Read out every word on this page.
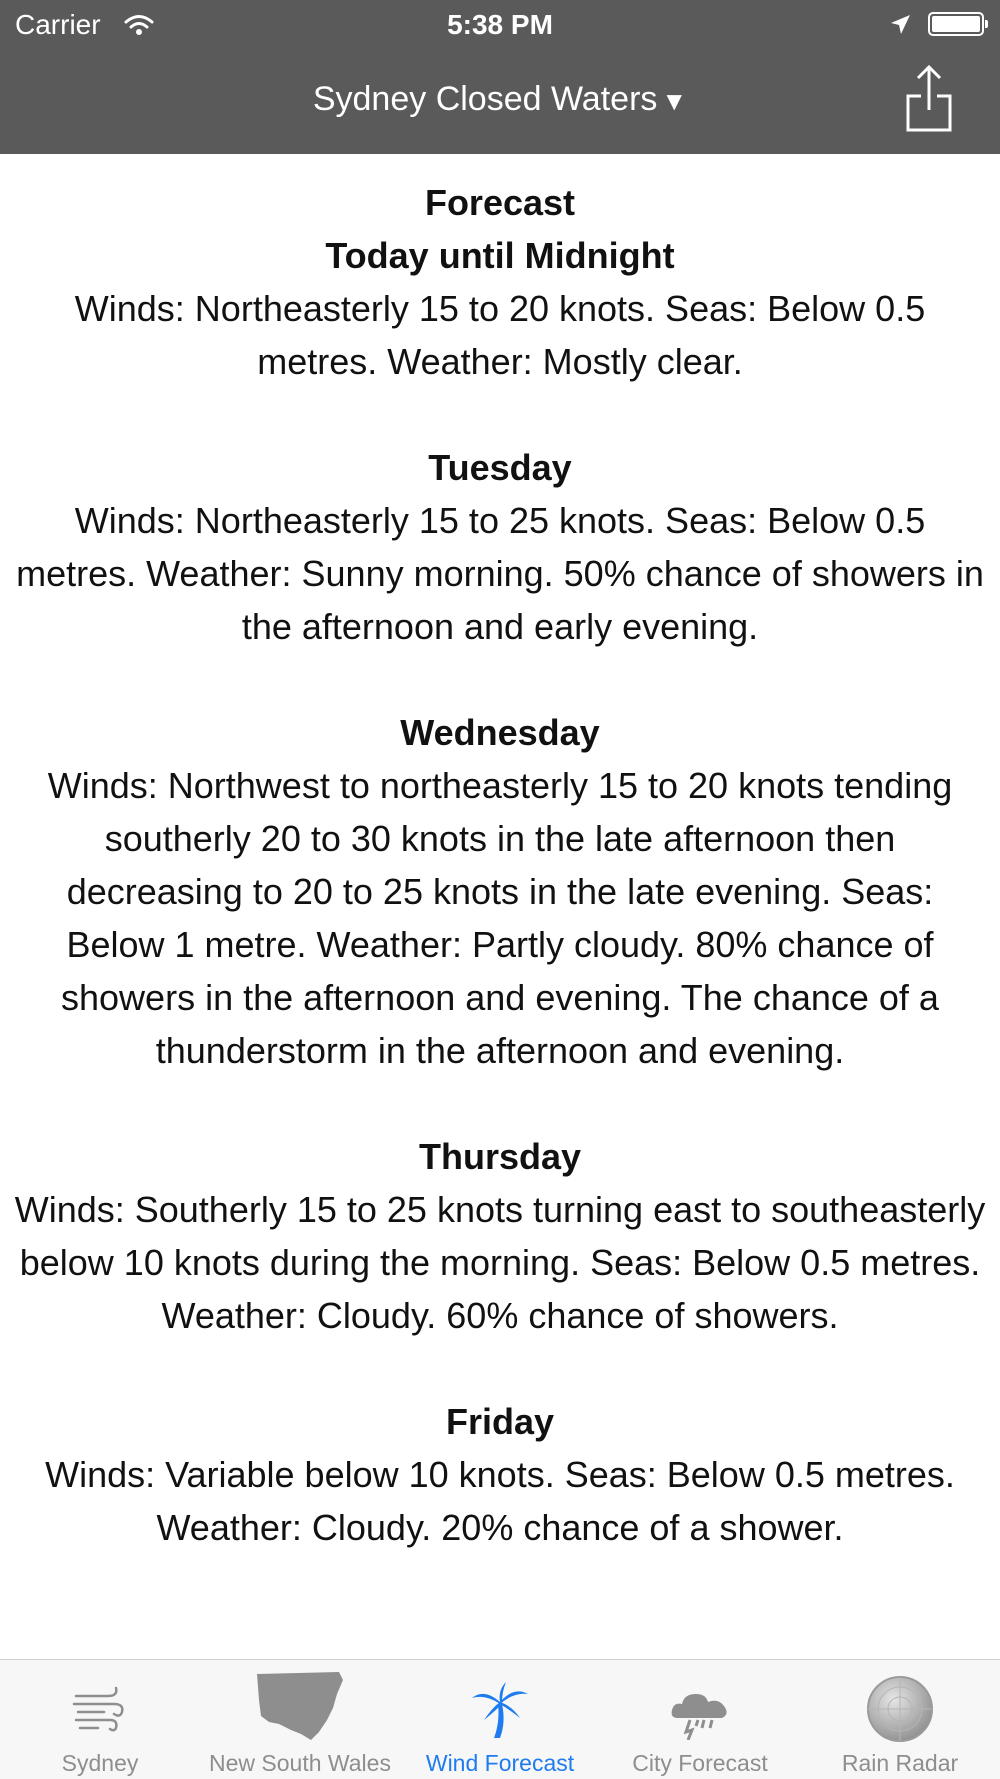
Carrier	5:38 PM
Sydney Closed Waters ▼
Forecast
Today until Midnight

Winds: Northeasterly 15 to 20 knots. Seas: Below 0.5 metres. Weather: Mostly clear.

Tuesday

Winds: Northeasterly 15 to 25 knots. Seas: Below 0.5 metres. Weather: Sunny morning. 50% chance of showers in the afternoon and early evening.

Wednesday

Winds: Northwest to northeasterly 15 to 20 knots tending southerly 20 to 30 knots in the late afternoon then decreasing to 20 to 25 knots in the late evening. Seas: Below 1 metre. Weather: Partly cloudy. 80% chance of showers in the afternoon and evening. The chance of a thunderstorm in the afternoon and evening.

Thursday

Winds: Southerly 15 to 25 knots turning east to southeasterly below 10 knots during the morning. Seas: Below 0.5 metres. Weather: Cloudy. 60% chance of showers.

Friday

Winds: Variable below 10 knots. Seas: Below 0.5 metres. Weather: Cloudy. 20% chance of a shower.

Sydney	New South Wales	Wind Forecast	City Forecast	Rain Radar
